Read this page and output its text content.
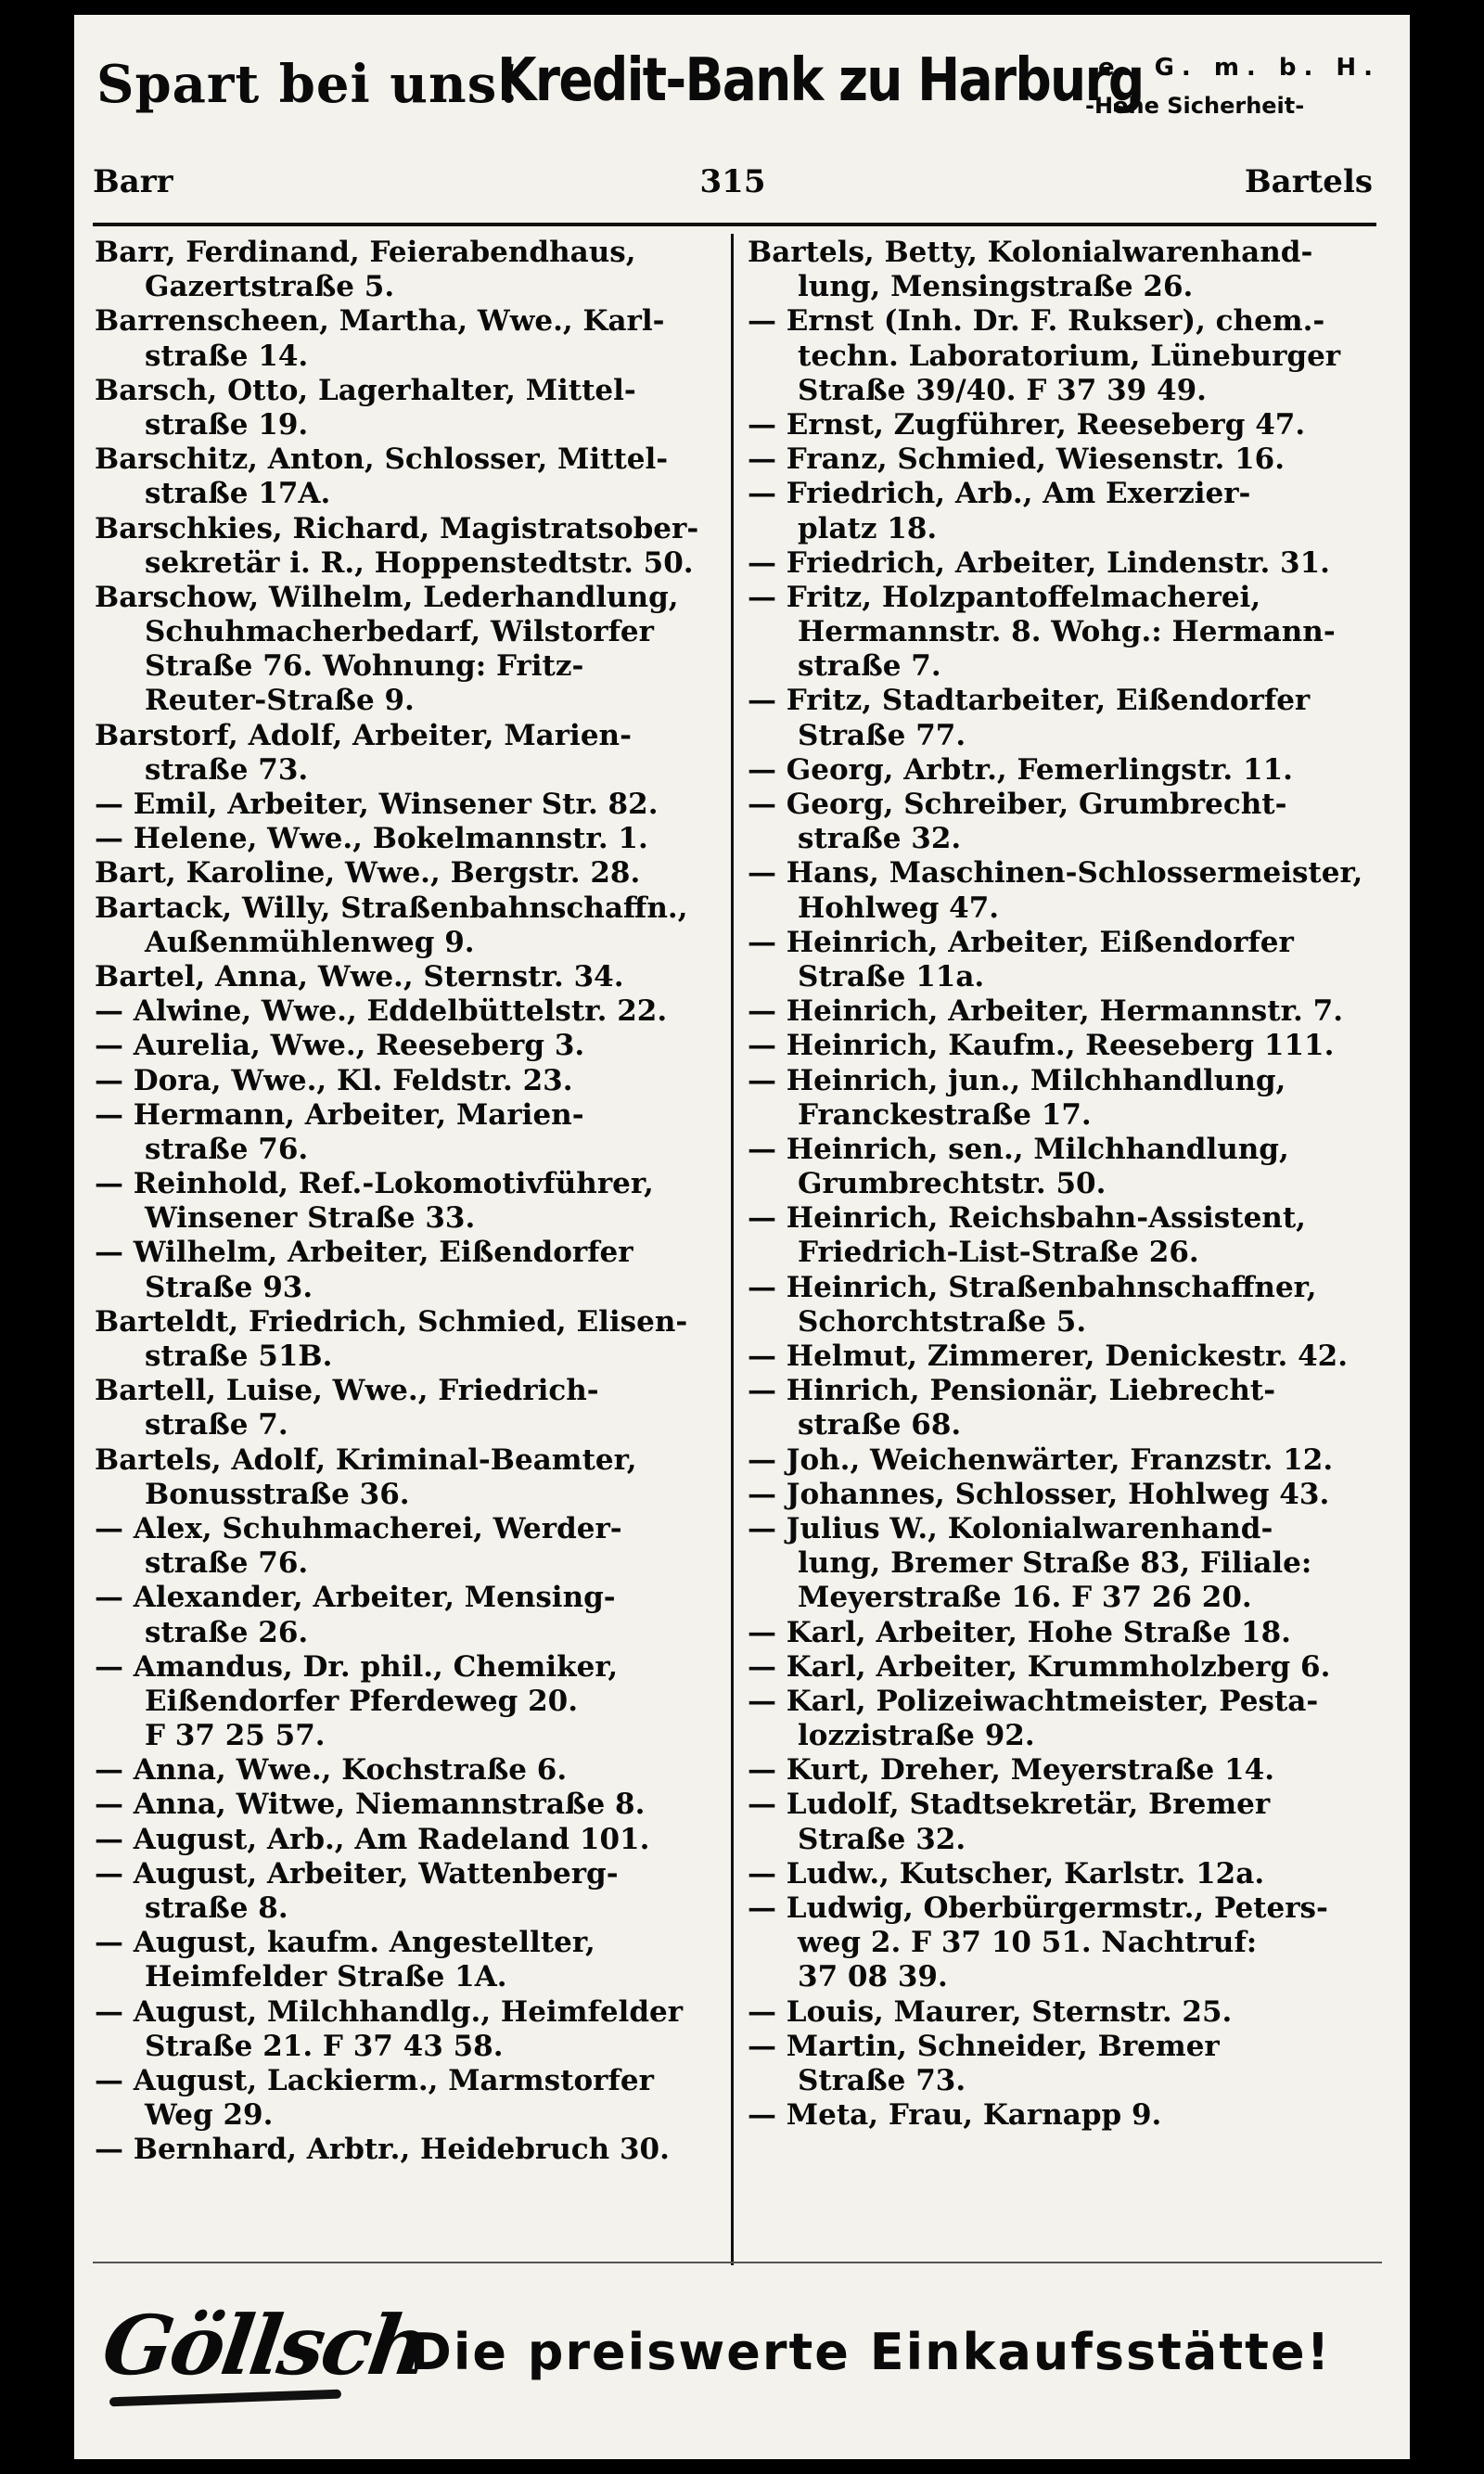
Spart bei uns!
Kredit-Bank zu Harburg
e. G. m. b. H.
-Hohe Sicherheit-
Barr	315	Bartels
Barr, Ferdinand, Feierabendhaus,
Gazertstraße 5.
Barrenscheen, Martha, Wwe., Karl-
straße 14.
Barsch, Otto, Lagerhalter, Mittel-
straße 19.
Barschitz, Anton, Schlosser, Mittel-
straße 17A.
Barschkies, Richard, Magistratsober-
sekretär i. R., Hoppenstedtstr. 50.
Barschow, Wilhelm, Lederhandlung,
Schuhmacherbedarf, Wilstorfer
Straße 76. Wohnung: Fritz-
Reuter-Straße 9.
Barstorf, Adolf, Arbeiter, Marien-
straße 73.
— Emil, Arbeiter, Winsener Str. 82.
— Helene, Wwe., Bokelmannstr. 1.
Bart, Karoline, Wwe., Bergstr. 28.
Bartack, Willy, Straßenbahnschaffn.,
Außenmühlenweg 9.
Bartel, Anna, Wwe., Sternstr. 34.
— Alwine, Wwe., Eddelbüttelstr. 22.
— Aurelia, Wwe., Reeseberg 3.
— Dora, Wwe., Kl. Feldstr. 23.
— Hermann, Arbeiter, Marien-
straße 76.
— Reinhold, Ref.-Lokomotivführer,
Winsener Straße 33.
— Wilhelm, Arbeiter, Eißendorfer
Straße 93.
Barteldt, Friedrich, Schmied, Elisen-
straße 51B.
Bartell, Luise, Wwe., Friedrich-
straße 7.
Bartels, Adolf, Kriminal-Beamter,
Bonusstraße 36.
— Alex, Schuhmacherei, Werder-
straße 76.
— Alexander, Arbeiter, Mensing-
straße 26.
— Amandus, Dr. phil., Chemiker,
Eißendorfer Pferdeweg 20.
F 37 25 57.
— Anna, Wwe., Kochstraße 6.
— Anna, Witwe, Niemannstraße 8.
— August, Arb., Am Radeland 101.
— August, Arbeiter, Wattenberg-
straße 8.
— August, kaufm. Angestellter,
Heimfelder Straße 1A.
— August, Milchhandlg., Heimfelder
Straße 21. F 37 43 58.
— August, Lackierm., Marmstorfer
Weg 29.
— Bernhard, Arbtr., Heidebruch 30.
Bartels, Betty, Kolonialwarenhand-
lung, Mensingstraße 26.
— Ernst (Inh. Dr. F. Rukser), chem.-
techn. Laboratorium, Lüneburger
Straße 39/40. F 37 39 49.
— Ernst, Zugführer, Reeseberg 47.
— Franz, Schmied, Wiesenstr. 16.
— Friedrich, Arb., Am Exerzier-
platz 18.
— Friedrich, Arbeiter, Lindenstr. 31.
— Fritz, Holzpantoffelmacherei,
Hermannstr. 8. Wohg.: Hermann-
straße 7.
— Fritz, Stadtarbeiter, Eißendorfer
Straße 77.
— Georg, Arbtr., Femerlingstr. 11.
— Georg, Schreiber, Grumbrecht-
straße 32.
— Hans, Maschinen-Schlossermeister,
Hohlweg 47.
— Heinrich, Arbeiter, Eißendorfer
Straße 11a.
— Heinrich, Arbeiter, Hermannstr. 7.
— Heinrich, Kaufm., Reeseberg 111.
— Heinrich, jun., Milchhandlung,
Franckestraße 17.
— Heinrich, sen., Milchhandlung,
Grumbrechtstr. 50.
— Heinrich, Reichsbahn-Assistent,
Friedrich-List-Straße 26.
— Heinrich, Straßenbahnschaffner,
Schorchtstraße 5.
— Helmut, Zimmerer, Denickestr. 42.
— Hinrich, Pensionär, Liebrecht-
straße 68.
— Joh., Weichenwärter, Franzstr. 12.
— Johannes, Schlosser, Hohlweg 43.
— Julius W., Kolonialwarenhand-
lung, Bremer Straße 83, Filiale:
Meyerstraße 16. F 37 26 20.
— Karl, Arbeiter, Hohe Straße 18.
— Karl, Arbeiter, Krummholzberg 6.
— Karl, Polizeiwachtmeister, Pesta-
lozzistraße 92.
— Kurt, Dreher, Meyerstraße 14.
— Ludolf, Stadtsekretär, Bremer
Straße 32.
— Ludw., Kutscher, Karlstr. 12a.
— Ludwig, Oberbürgermstr., Peters-
weg 2. F 37 10 51. Nachtruf:
37 08 39.
— Louis, Maurer, Sternstr. 25.
— Martin, Schneider, Bremer
Straße 73.
— Meta, Frau, Karnapp 9.
Göllsch
Die preiswerte Einkaufsstätte!
